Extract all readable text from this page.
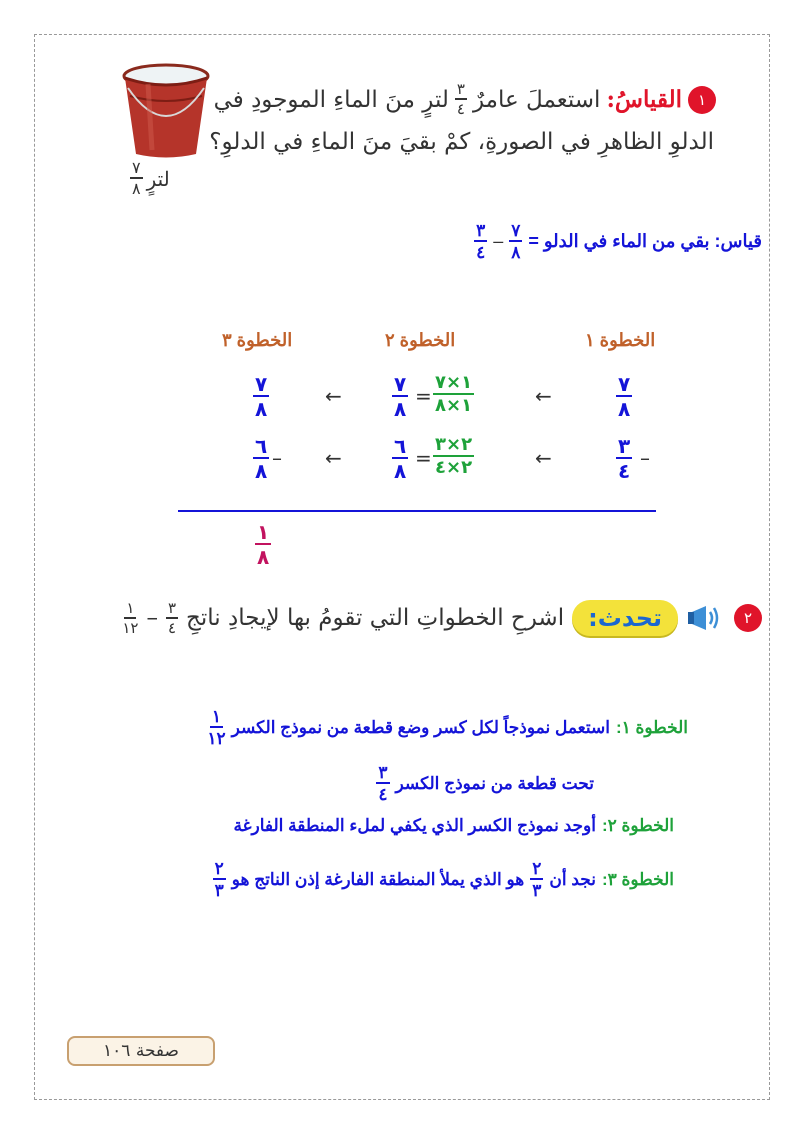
لترٍ
$\frac{٧}{٨}$
١
القياسُ:
استعملَ عامرٌ
$\frac{٣}{٤}$
لترٍ منَ الماءِ الموجودِ في
الدلوِ الظاهرِ في الصورةِ، كمْ بقيَ منَ الماءِ في الدلوِ؟
قياس: بقي من الماء في الدلو =
$\frac{٧}{٨}$
–
$\frac{٣}{٤}$
الخطوة ١
الخطوة ٢
الخطوة ٣
٧
٨
←
١×٧
١×٨
=
٧
٨
←
٧
٨
–
٣
٤
←
٢×٣
٢×٤
=
٦
٨
←
–
٦
٨
١
٨
٢
تحدث:
اشرحِ الخطواتِ التي تقومُ بها لإيجادِ ناتجِ
$\frac{٣}{٤}$
–
$\frac{١}{١٢}$
الخطوة ١:
استعمل نموذجاً لكل كسر وضع قطعة من نموذج الكسر
$\frac{١}{١٢}$
تحت قطعة من نموذج الكسر
$\frac{٣}{٤}$
الخطوة ٢:
أوجد نموذج الكسر الذي يكفي لملء المنطقة الفارغة
الخطوة ٣:
نجد أن
$\frac{٢}{٣}$
هو الذي يملأ المنطقة الفارغة إذن الناتج هو
$\frac{٢}{٣}$
صفحة ١٠٦
